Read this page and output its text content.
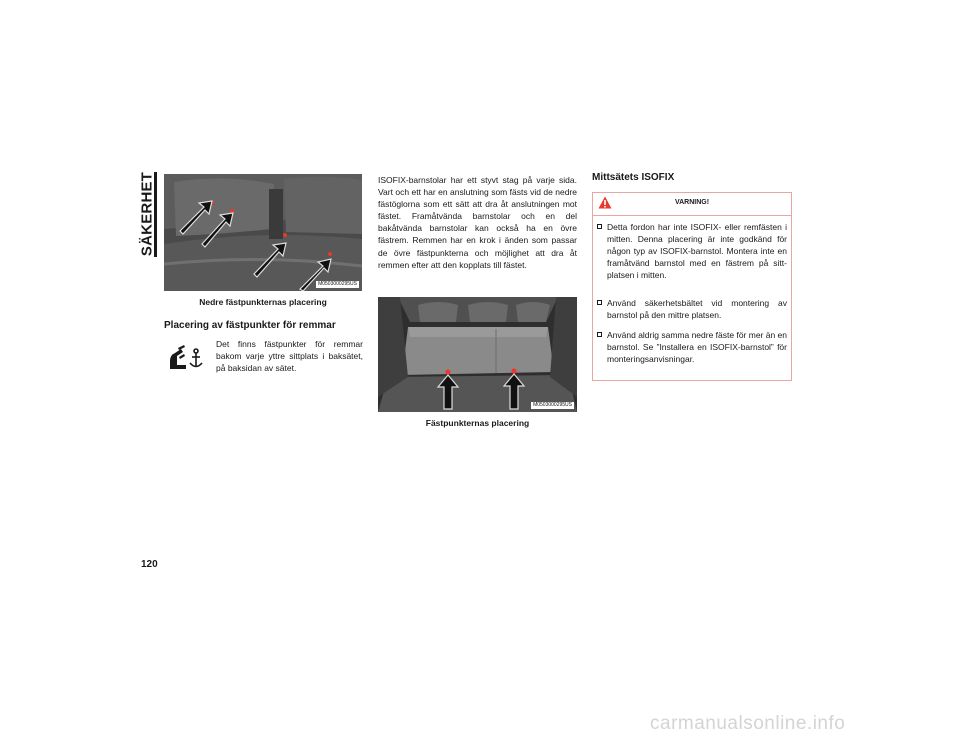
SÄKERHET
M0503000295US
Nedre fästpunkternas placering
Placering av fästpunkter för remmar
Det finns fästpunkter för remmar bakom varje yttre sittplats i baksätet, på baksidan av sätet.
ISOFIX-barnstolar har ett styvt stag på varje sida. Vart och ett har en anslutning som fästs vid de nedre fästöglorna som ett sätt att dra åt anslutningen mot fästet. Framåtvända barnstolar och en del bakåtvända barnstolar kan också ha en övre fästrem. Remmen har en krok i änden som passar de övre fästpunkterna och möjlighet att dra åt remmen efter att den kopplats till fästet.
M0503000295US
Fästpunkternas placering
Mittsätets ISOFIX
VARNING!
Detta fordon har inte ISOFIX- eller remfästen i mitten. Denna placering är inte godkänd för någon typ av ISOFIX-barnstol. Montera inte en framåtvänd barnstol med en fästrem på sittplatsen i mitten.
Använd säkerhetsbältet vid montering av barnstol på den mittre platsen.
Använd aldrig samma nedre fäste för mer än en barnstol. Se ”Installera en ISOFIX-barnstol” för monteringsanvisningar.
120
carmanualsonline.info
